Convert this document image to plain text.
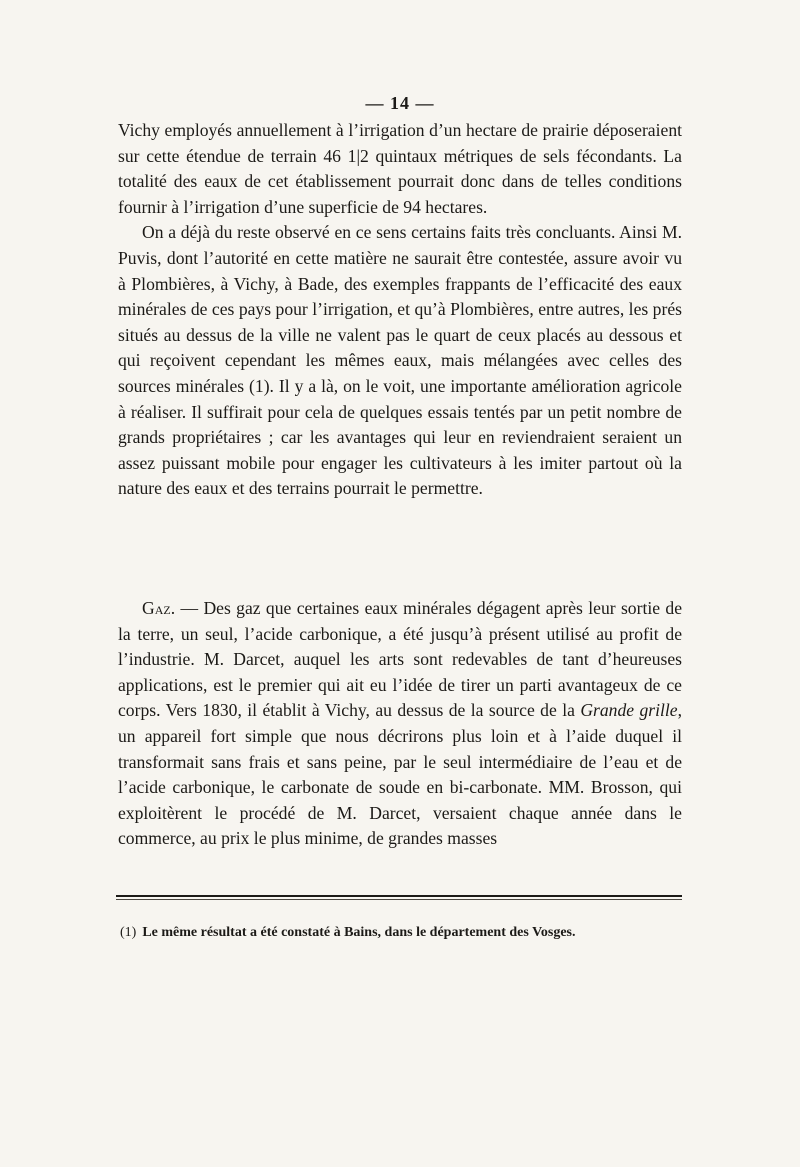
— 14 —

Vichy employés annuellement à l’irrigation d’un hectare de prairie déposeraient sur cette étendue de terrain 46 1|2 quintaux métriques de sels fécondants. La totalité des eaux de cet établissement pourrait donc dans de telles conditions fournir à l’irrigation d’une superficie de 94 hectares.

On a déjà du reste observé en ce sens certains faits très concluants. Ainsi M. Puvis, dont l’autorité en cette matière ne saurait être contestée, assure avoir vu à Plombières, à Vichy, à Bade, des exemples frappants de l’efficacité des eaux minérales de ces pays pour l’irrigation, et qu’à Plombières, entre autres, les prés situés au dessus de la ville ne valent pas le quart de ceux placés au dessous et qui reçoivent cependant les mêmes eaux, mais mélangées avec celles des sources minérales (1). Il y a là, on le voit, une importante amélioration agricole à réaliser. Il suffirait pour cela de quelques essais tentés par un petit nombre de grands propriétaires ; car les avantages qui leur en reviendraient seraient un assez puissant mobile pour engager les cultivateurs à les imiter partout où la nature des eaux et des terrains pourrait le permettre.

Gaz. — Des gaz que certaines eaux minérales dégagent après leur sortie de la terre, un seul, l’acide carbonique, a été jusqu’à présent utilisé au profit de l’industrie. M. Darcet, auquel les arts sont redevables de tant d’heureuses applications, est le premier qui ait eu l’idée de tirer un parti avantageux de ce corps. Vers 1830, il établit à Vichy, au dessus de la source de la Grande grille, un appareil fort simple que nous décrirons plus loin et à l’aide duquel il transformait sans frais et sans peine, par le seul intermédiaire de l’eau et de l’acide carbonique, le carbonate de soude en bi-carbonate. MM. Brosson, qui exploitèrent le procédé de M. Darcet, versaient chaque année dans le commerce, au prix le plus minime, de grandes masses

(1) Le même résultat a été constaté à Bains, dans le département des Vosges.
